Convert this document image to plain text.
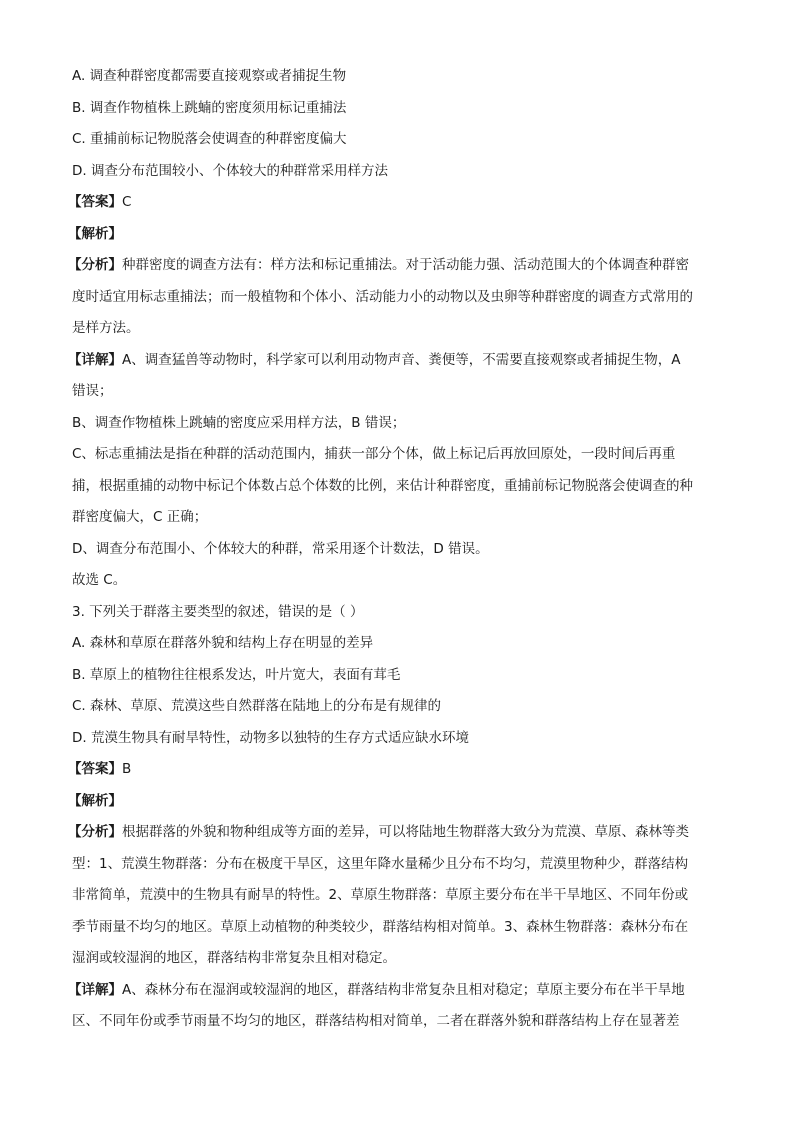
A. 调查种群密度都需要直接观察或者捕捉生物
B. 调查作物植株上跳蝻的密度须用标记重捕法
C. 重捕前标记物脱落会使调查的种群密度偏大
D. 调查分布范围较小、个体较大的种群常采用样方法
【答案】C
【解析】
【分析】种群密度的调查方法有：样方法和标记重捕法。对于活动能力强、活动范围大的个体调查种群密
度时适宜用标志重捕法；而一般植物和个体小、活动能力小的动物以及虫卵等种群密度的调查方式常用的
是样方法。
【详解】A、调查猛兽等动物时，科学家可以利用动物声音、粪便等，不需要直接观察或者捕捉生物，A
错误；
B、调查作物植株上跳蝻的密度应采用样方法，B 错误；
C、标志重捕法是指在种群的活动范围内，捕获一部分个体，做上标记后再放回原处，一段时间后再重
捕，根据重捕的动物中标记个体数占总个体数的比例，来估计种群密度，重捕前标记物脱落会使调查的种
群密度偏大，C 正确；
D、调查分布范围小、个体较大的种群，常采用逐个计数法，D 错误。
故选 C。
3. 下列关于群落主要类型的叙述，错误的是（ ）
A. 森林和草原在群落外貌和结构上存在明显的差异
B. 草原上的植物往往根系发达，叶片宽大，表面有茸毛
C. 森林、草原、荒漠这些自然群落在陆地上的分布是有规律的
D. 荒漠生物具有耐旱特性，动物多以独特的生存方式适应缺水环境
【答案】B
【解析】
【分析】根据群落的外貌和物种组成等方面的差异，可以将陆地生物群落大致分为荒漠、草原、森林等类
型：1、荒漠生物群落：分布在极度干旱区，这里年降水量稀少且分布不均匀，荒漠里物种少，群落结构
非常简单，荒漠中的生物具有耐旱的特性。2、草原生物群落：草原主要分布在半干旱地区、不同年份或
季节雨量不均匀的地区。草原上动植物的种类较少，群落结构相对简单。3、森林生物群落：森林分布在
湿润或较湿润的地区，群落结构非常复杂且相对稳定。
【详解】A、森林分布在湿润或较湿润的地区，群落结构非常复杂且相对稳定；草原主要分布在半干旱地
区、不同年份或季节雨量不均匀的地区，群落结构相对简单，二者在群落外貌和群落结构上存在显著差
